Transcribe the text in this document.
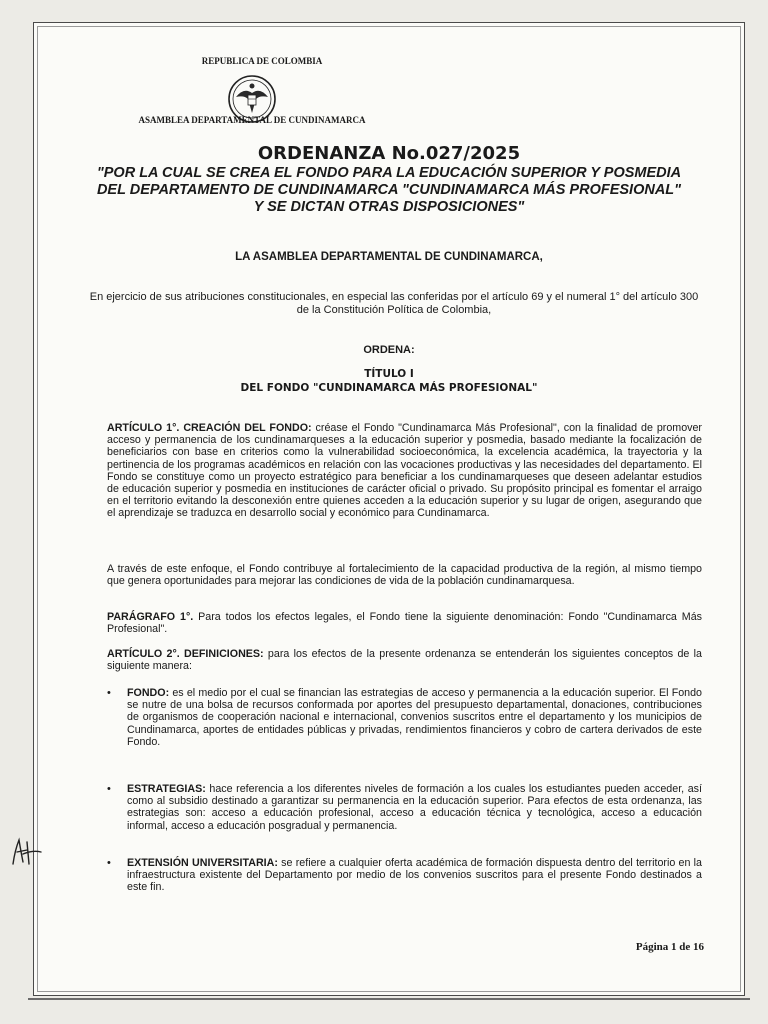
REPUBLICA DE COLOMBIA
ASAMBLEA DEPARTAMENTAL DE CUNDINAMARCA
ORDENANZA No.027/2025
"POR LA CUAL SE CREA EL FONDO PARA LA EDUCACIÓN SUPERIOR Y POSMEDIA DEL DEPARTAMENTO DE CUNDINAMARCA "CUNDINAMARCA MÁS PROFESIONAL" Y SE DICTAN OTRAS DISPOSICIONES"
LA ASAMBLEA DEPARTAMENTAL DE CUNDINAMARCA,
En ejercicio de sus atribuciones constitucionales, en especial las conferidas por el artículo 69 y el numeral 1° del artículo 300 de la Constitución Política de Colombia,
ORDENA:
TÍTULO I
DEL FONDO "CUNDINAMARCA MÁS PROFESIONAL"
ARTÍCULO 1°. CREACIÓN DEL FONDO: créase el Fondo "Cundinamarca Más Profesional", con la finalidad de promover acceso y permanencia de los cundinamarqueses a la educación superior y posmedia, basado mediante la focalización de beneficiarios con base en criterios como la vulnerabilidad socioeconómica, la excelencia académica, la trayectoria y la pertinencia de los programas académicos en relación con las vocaciones productivas y las necesidades del departamento. El Fondo se constituye como un proyecto estratégico para beneficiar a los cundinamarqueses que deseen adelantar estudios de educación superior y posmedia en instituciones de carácter oficial o privado. Su propósito principal es fomentar el arraigo en el territorio evitando la desconexión entre quienes acceden a la educación superior y su lugar de origen, asegurando que el aprendizaje se traduzca en desarrollo social y económico para Cundinamarca.
A través de este enfoque, el Fondo contribuye al fortalecimiento de la capacidad productiva de la región, al mismo tiempo que genera oportunidades para mejorar las condiciones de vida de la población cundinamarquesa.
PARÁGRAFO 1°. Para todos los efectos legales, el Fondo tiene la siguiente denominación: Fondo "Cundinamarca Más Profesional".
ARTÍCULO 2°. DEFINICIONES: para los efectos de la presente ordenanza se entenderán los siguientes conceptos de la siguiente manera:
• FONDO: es el medio por el cual se financian las estrategias de acceso y permanencia a la educación superior. El Fondo se nutre de una bolsa de recursos conformada por aportes del presupuesto departamental, donaciones, contribuciones de organismos de cooperación nacional e internacional, convenios suscritos entre el departamento y los municipios de Cundinamarca, aportes de entidades públicas y privadas, rendimientos financieros y cobro de cartera derivados de este Fondo.
• ESTRATEGIAS: hace referencia a los diferentes niveles de formación a los cuales los estudiantes pueden acceder, así como al subsidio destinado a garantizar su permanencia en la educación superior. Para efectos de esta ordenanza, las estrategias son: acceso a educación profesional, acceso a educación técnica y tecnológica, acceso a educación informal, acceso a educación posgradual y permanencia.
• EXTENSIÓN UNIVERSITARIA: se refiere a cualquier oferta académica de formación dispuesta dentro del territorio en la infraestructura existente del Departamento por medio de los convenios suscritos para el presente Fondo destinados a este fin.
Página 1 de 16
